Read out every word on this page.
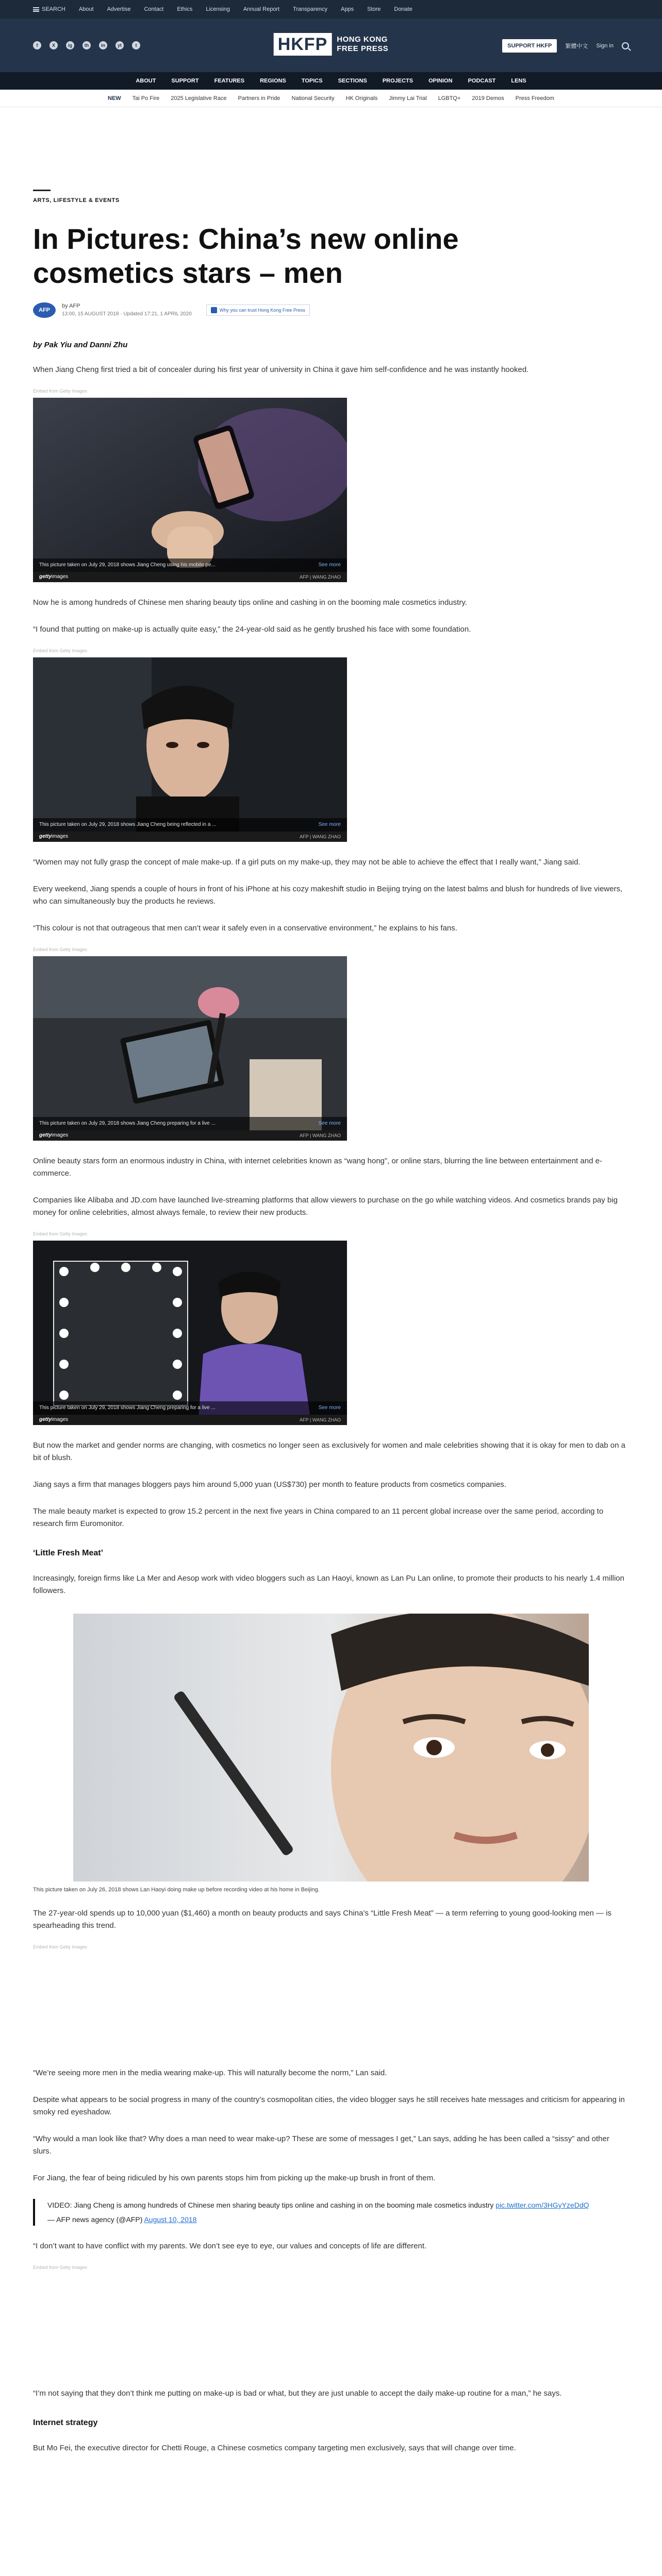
SEARCH About Advertise Contact Ethics Licensing Annual Report Transparency Apps Store Donate
f	X	ig	th	in	yt	t	HKFP	HONG KONG
FREE PRESS	SUPPORT HKFP	繁體中文 Sign in
ABOUT	SUPPORT	FEATURES	REGIONS	TOPICS	SECTIONS	PROJECTS	OPINION	PODCAST	LENS
NEW Tai Po Fire 2025 Legislative Race Partners in Pride National Security HK Originals Jimmy Lai Trial LGBTQ+ 2019 Demos Press Freedom
ARTS, LIFESTYLE & EVENTS
In Pictures: China’s new online cosmetics stars – men
AFP
by AFP
13:00, 15 AUGUST 2018 · Updated 17:21, 1 APRIL 2020
Why you can trust Hong Kong Free Press
by Pak Yiu and Danni Zhu

When Jiang Cheng first tried a bit of concealer during his first year of university in China it gave him self-confidence and he was instantly hooked.

Embed from Getty Images
This picture taken on July 29, 2018 shows Jiang Cheng using his mobile pe...	See more
gettyimages	AFP | WANG ZHAO

Now he is among hundreds of Chinese men sharing beauty tips online and cashing in on the booming male cosmetics industry.

“I found that putting on make-up is actually quite easy,” the 24-year-old said as he gently brushed his face with some foundation.

Embed from Getty Images
This picture taken on July 29, 2018 shows Jiang Cheng being reflected in a ...	See more
gettyimages	AFP | WANG ZHAO

“Women may not fully grasp the concept of male make-up. If a girl puts on my make-up, they may not be able to achieve the effect that I really want,” Jiang said.

Every weekend, Jiang spends a couple of hours in front of his iPhone at his cozy makeshift studio in Beijing trying on the latest balms and blush for hundreds of live viewers, who can simultaneously buy the products he reviews.

“This colour is not that outrageous that men can’t wear it safely even in a conservative environment,” he explains to his fans.

Embed from Getty Images
This picture taken on July 29, 2018 shows Jiang Cheng preparing for a live ...	See more
gettyimages	AFP | WANG ZHAO

Online beauty stars form an enormous industry in China, with internet celebrities known as “wang hong”, or online stars, blurring the line between entertainment and e-commerce.

Companies like Alibaba and JD.com have launched live-streaming platforms that allow viewers to purchase on the go while watching videos. And cosmetics brands pay big money for online celebrities, almost always female, to review their new products.

Embed from Getty Images
This picture taken on July 29, 2018 shows Jiang Cheng preparing for a live ...	See more
gettyimages	AFP | WANG ZHAO

But now the market and gender norms are changing, with cosmetics no longer seen as exclusively for women and male celebrities showing that it is okay for men to dab on a bit of blush.

Jiang says a firm that manages bloggers pays him around 5,000 yuan (US$730) per month to feature products from cosmetics companies.

The male beauty market is expected to grow 15.2 percent in the next five years in China compared to an 11 percent global increase over the same period, according to research firm Euromonitor.

‘Little Fresh Meat’

Increasingly, foreign firms like La Mer and Aesop work with video bloggers such as Lan Haoyi, known as Lan Pu Lan online, to promote their products to his nearly 1.4 million followers.

This picture taken on July 26, 2018 shows Lan Haoyi doing make up before recording video at his home in Beijing.

The 27-year-old spends up to 10,000 yuan ($1,460) a month on beauty products and says China’s “Little Fresh Meat” — a term referring to young good-looking men — is spearheading this trend.

Embed from Getty Images

“We’re seeing more men in the media wearing make-up. This will naturally become the norm,” Lan said.

Despite what appears to be social progress in many of the country’s cosmopolitan cities, the video blogger says he still receives hate messages and criticism for appearing in smoky red eyeshadow.

“Why would a man look like that? Why does a man need to wear make-up? These are some of messages I get,” Lan says, adding he has been called a “sissy” and other slurs.

For Jiang, the fear of being ridiculed by his own parents stops him from picking up the make-up brush in front of them.

VIDEO: Jiang Cheng is among hundreds of Chinese men sharing beauty tips online and cashing in on the booming male cosmetics industry pic.twitter.com/3HGyYzeDdQ
— AFP news agency (@AFP) August 10, 2018

“I don’t want to have conflict with my parents. We don’t see eye to eye, our values and concepts of life are different.

Embed from Getty Images

“I’m not saying that they don’t think me putting on make-up is bad or what, but they are just unable to accept the daily make-up routine for a man,” he says.

Internet strategy

But Mo Fei, the executive director for Chetti Rouge, a Chinese cosmetics company targeting men exclusively, says that will change over time.
